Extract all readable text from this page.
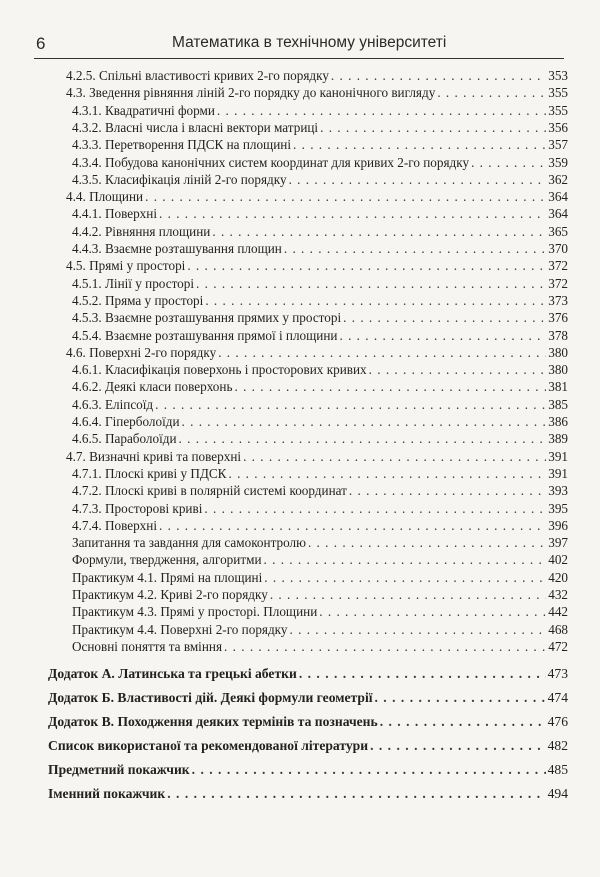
6	Математика в технічному університеті
4.2.5. Спільні властивості кривих 2-го порядку . . .	353
4.3. Зведення рівняння ліній 2-го порядку до канонічного вигляду . . .	355
4.3.1. Квадратичні форми . . .	355
4.3.2. Власні числа і власні вектори матриці . . .	356
4.3.3. Перетворення ПДСК на площині . . .	357
4.3.4. Побудова канонічних систем координат для кривих 2-го порядку . . .	359
4.3.5. Класифікація ліній 2-го порядку . . .	362
4.4. Площини . . .	364
4.4.1. Поверхні . . .	364
4.4.2. Рівняння площини . . .	365
4.4.3. Взаємне розташування площин . . .	370
4.5. Прямі у просторі . . .	372
4.5.1. Лінії у просторі . . .	372
4.5.2. Пряма у просторі . . .	373
4.5.3. Взаємне розташування прямих у просторі . . .	376
4.5.4. Взаємне розташування прямої і площини . . .	378
4.6. Поверхні 2-го порядку . . .	380
4.6.1. Класифікація поверхонь і просторових кривих . . .	380
4.6.2. Деякі класи поверхонь . . .	381
4.6.3. Еліпсоїд . . .	385
4.6.4. Гіперболоїди . . .	386
4.6.5. Параболоїди . . .	389
4.7. Визначні криві та поверхні . . .	391
4.7.1. Плоскі криві у ПДСК . . .	391
4.7.2. Плоскі криві в полярній системі координат . . .	393
4.7.3. Просторові криві . . .	395
4.7.4. Поверхні . . .	396
Запитання та завдання для самоконтролю . . .	397
Формули, твердження, алгоритми . . .	402
Практикум 4.1. Прямі на площині . . .	420
Практикум 4.2. Криві 2-го порядку . . .	432
Практикум 4.3. Прямі у просторі. Площини . . .	442
Практикум 4.4. Поверхні 2-го порядку . . .	468
Основні поняття та вміння . . .	472
Додаток А. Латинська та грецькі абетки . . .	473
Додаток Б. Властивості дій. Деякі формули геометрії . . .	474
Додаток В. Походження деяких термінів та позначень . . .	476
Список використаної та рекомендованої літератури . . .	482
Предметний покажчик . . .	485
Іменний покажчик . . .	494
